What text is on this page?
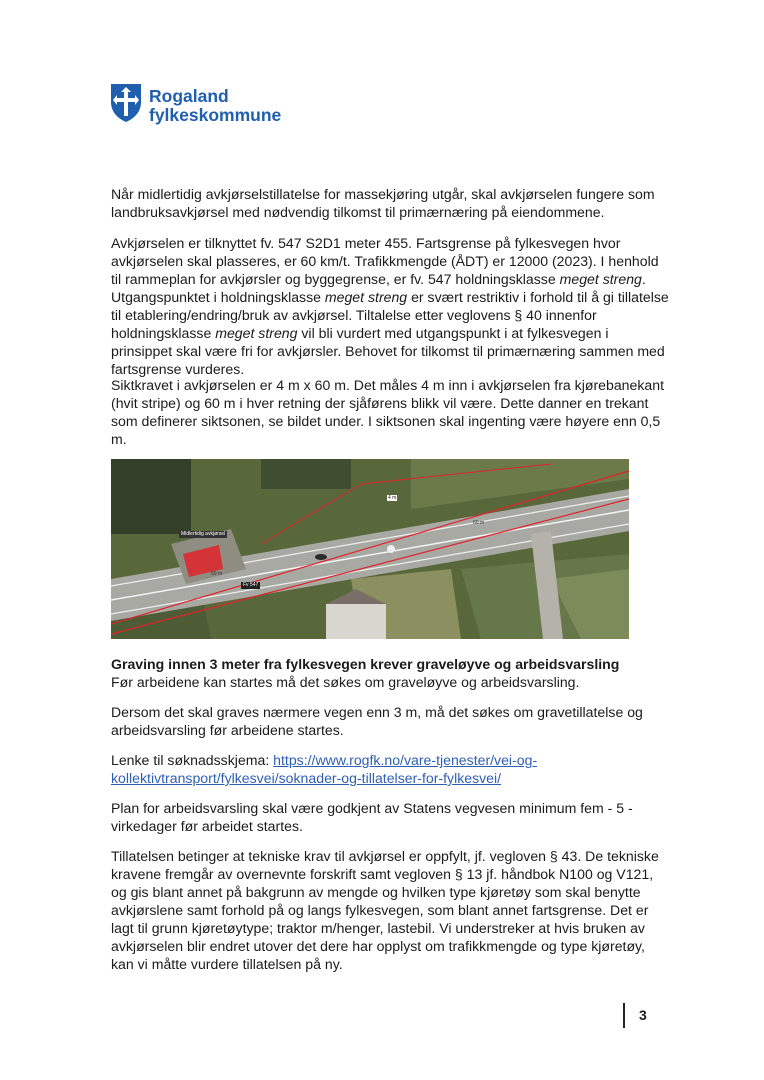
Rogaland
fylkeskommune

Når midlertidig avkjørselstillatelse for massekjøring utgår, skal avkjørselen fungere som landbruksavkjørsel med nødvendig tilkomst til primærnæring på eiendommene.

Avkjørselen er tilknyttet fv. 547 S2D1 meter 455. Fartsgrense på fylkesvegen hvor avkjørselen skal plasseres, er 60 km/t. Trafikkmengde (ÅDT) er 12000 (2023). I henhold til rammeplan for avkjørsler og byggegrense, er fv. 547 holdningsklasse meget streng. Utgangspunktet i holdningsklasse meget streng er svært restriktiv i forhold til å gi tillatelse til etablering/endring/bruk av avkjørsel. Tiltalelse etter veglovens § 40 innenfor holdningsklasse meget streng vil bli vurdert med utgangspunkt i at fylkesvegen i prinsippet skal være fri for avkjørsler. Behovet for tilkomst til primærnæring sammen med fartsgrense vurderes.

Siktkravet i avkjørselen er 4 m x 60 m. Det måles 4 m inn i avkjørselen fra kjørebanekant (hvit stripe) og 60 m i hver retning der sjåførens blikk vil være. Dette danner en trekant som definerer siktsonen, se bildet under. I siktsonen skal ingenting være høyere enn 0,5 m.

Midlertidig avkjørsel
4 m
60 m
60 m
Fv 547

Graving innen 3 meter fra fylkesvegen krever graveløyve og arbeidsvarsling

Før arbeidene kan startes må det søkes om graveløyve og arbeidsvarsling.

Dersom det skal graves nærmere vegen enn 3 m, må det søkes om gravetillatelse og arbeidsvarsling før arbeidene startes.

Lenke til søknadsskjema: https://www.rogfk.no/vare-tjenester/vei-og-kollektivtransport/fylkesvei/soknader-og-tillatelser-for-fylkesvei/

Plan for arbeidsvarsling skal være godkjent av Statens vegvesen minimum fem - 5 - virkedager før arbeidet startes.

Tillatelsen betinger at tekniske krav til avkjørsel er oppfylt, jf. vegloven § 43. De tekniske kravene fremgår av overnevnte forskrift samt vegloven § 13 jf. håndbok N100 og V121, og gis blant annet på bakgrunn av mengde og hvilken type kjøretøy som skal benytte avkjørslene samt forhold på og langs fylkesvegen, som blant annet fartsgrense. Det er lagt til grunn kjøretøytype; traktor m/henger, lastebil. Vi understreker at hvis bruken av avkjørselen blir endret utover det dere har opplyst om trafikkmengde og type kjøretøy, kan vi måtte vurdere tillatelsen på ny.

3
